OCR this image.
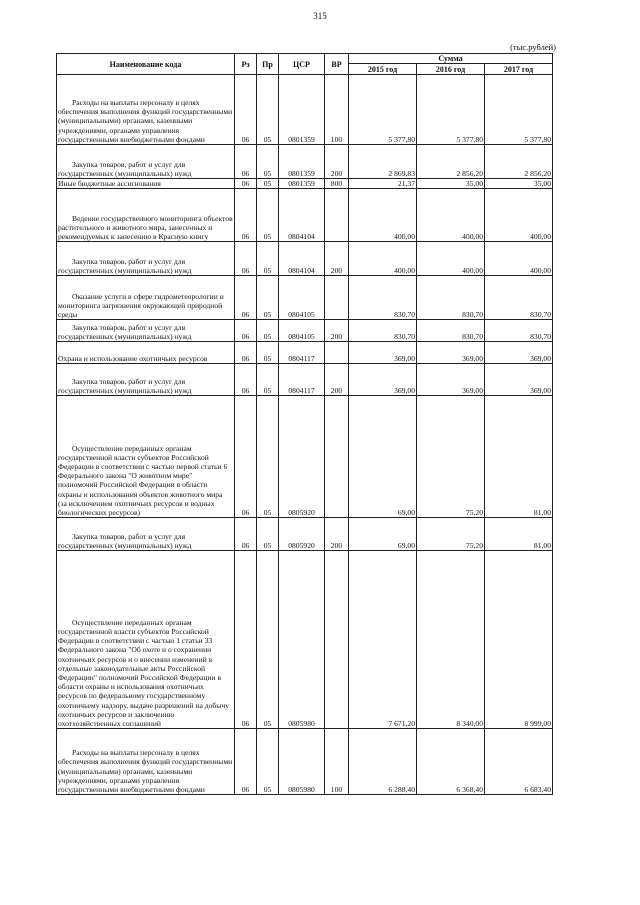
315
(тыс.рублей)
Наименование кода	Рз	Пр	ЦСР	ВР	Сумма		
					2015 год	2016 год	2017 год
Расходы на выплаты персоналу в целях обеспечения выполнения функций государственными (муниципальными) органами, казенными учреждениями, органами управления государственными внебюджетными фондами	06	05	0801359	100	5 377,80	5 377,80	5 377,80
Закупка товаров, работ и услуг для государственных (муниципальных) нужд	06	05	0801359	200	2 869,83	2 856,20	2 856,20
Иные бюджетные ассигнования	06	05	0801359	800	21,37	35,00	35,00
Ведение государственного мониторинга объектов растительного и животного мира, занесенных и рекомендуемых к занесению в Красную книгу	06	05	0804104		400,00	400,00	400,00
Закупка товаров, работ и услуг для государственных (муниципальных) нужд	06	05	0804104	200	400,00	400,00	400,00
Оказание услуги в сфере гидрометеорологии и мониторинга загрязнения окружающей природной среды	06	05	0804105		830,70	830,70	830,70
Закупка товаров, работ и услуг для государственных (муниципальных) нужд	06	05	0804105	200	830,70	830,70	830,70
Охрана и использование охотничьих ресурсов	06	05	0804117		369,00	369,00	369,00
Закупка товаров, работ и услуг для государственных (муниципальных) нужд	06	05	0804117	200	369,00	369,00	369,00
Осуществление переданных органам государственной власти субъектов Российской Федерации в соответствии с частью первой статьи 6 Федерального закона "О животном мире" полномочий Российской Федерации в области охраны и использования объектов животного мира (за исключением охотничьих ресурсов и водных биологических ресурсов)	06	05	0805920		69,00	75,20	81,00
Закупка товаров, работ и услуг для государственных (муниципальных) нужд	06	05	0805920	200	69,00	75,20	81,00
Осуществление переданных органам государственной власти субъектов Российской Федерации в соответствии с частью 1 статьи 33 Федерального закона "Об охоте и о сохранении охотничьих ресурсов и о внесении изменений в отдельные законодательные акты Российской Федерации" полномочий Российской Федерации в области охраны и использования охотничьих ресурсов по федеральному государственному охотничьему надзору, выдаче разрешений на добычу охотничьих ресурсов и заключению охотхозяйственных соглашений	06	05	0805980		7 671,20	8 340,00	8 999,00
Расходы на выплаты персоналу в целях обеспечения выполнения функций государственными (муниципальными) органами, казенными учреждениями, органами управления государственными внебюджетными фондами	06	05	0805980	100	6 288,40	6 368,40	6 683,40
